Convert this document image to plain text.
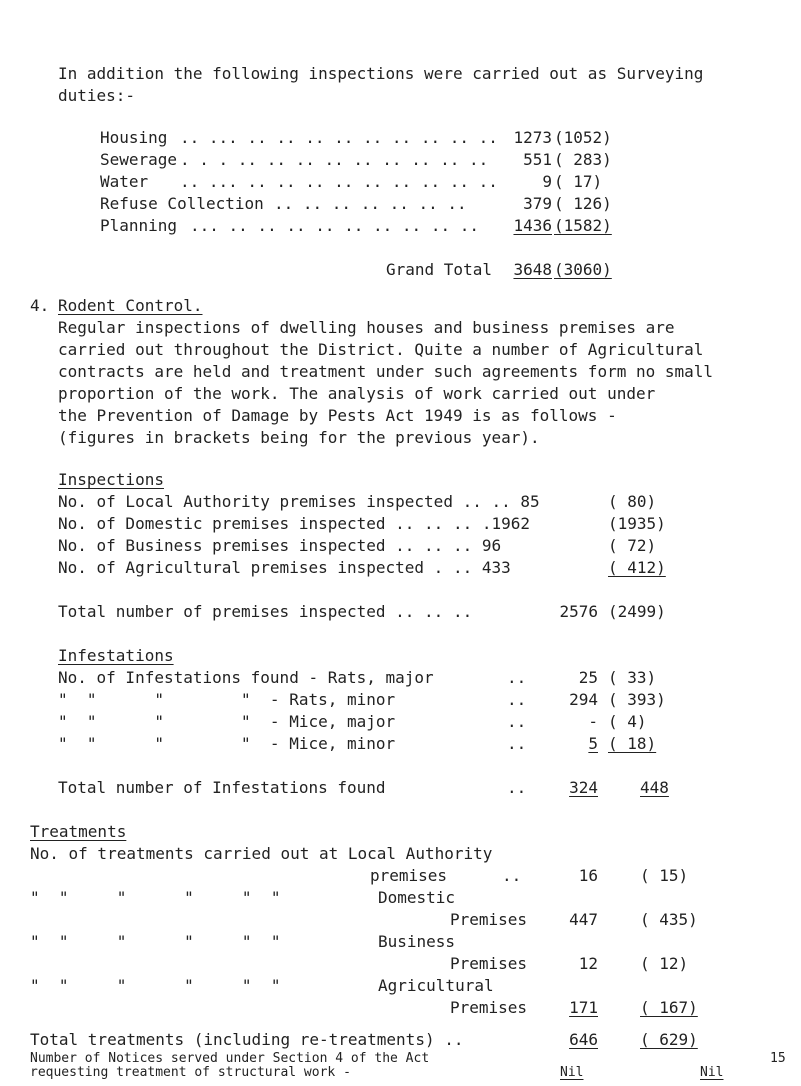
In addition the following inspections were carried out as Surveying
duties:-
Housing .. ... .. .. .. .. .. .. .. .. .. 1273 (1052)
Sewerage . . . .. .. .. .. .. .. .. .. ..	551 ( 283)
Water .. ... .. .. .. .. .. .. .. .. ..	9 ( 17)
Refuse Collection .. .. .. .. .. .. ..	379 ( 126)
Planning ... .. .. .. .. .. .. .. .. ..	1436 (1582)
Grand Total	3648 (3060)
4. Rodent Control.
Regular inspections of dwelling houses and business premises are
carried out throughout the District. Quite a number of Agricultural
contracts are held and treatment under such agreements form no small
proportion of the work. The analysis of work carried out under
the Prevention of Damage by Pests Act 1949 is as follows -
(figures in brackets being for the previous year).
Inspections
No. of Local Authority premises inspected .. .. 85	( 80)
No. of Domestic premises inspected .. .. .. .1962	(1935)
No. of Business premises inspected .. .. .. 96	( 72)
No. of Agricultural premises inspected . .. 433	( 412)
Total number of premises inspected .. .. ..	2576 (2499)
Infestations
No. of Infestations found - Rats, major	..	25 ( 33)
"  "      "        "  - Rats, minor	..	294 ( 393)
"  "      "        "  - Mice, major	..	- ( 4)
"  "      "        "  - Mice, minor	..	5 ( 18)
Total number of Infestations found	..	324	448
Treatments
No. of treatments carried out at Local Authority
premises	..	16	( 15)
"  "     "      "     "  "	Domestic
Premises	447	( 435)
"  "     "      "     "  "	Business
Premises	12	( 12)
"  "     "      "     "  "	Agricultural
Premises	171	( 167)
Total treatments (including re-treatments) ..	646	( 629)
Number of Notices served under Section 4 of the Act
requesting treatment of structural work -	Nil	Nil
15
